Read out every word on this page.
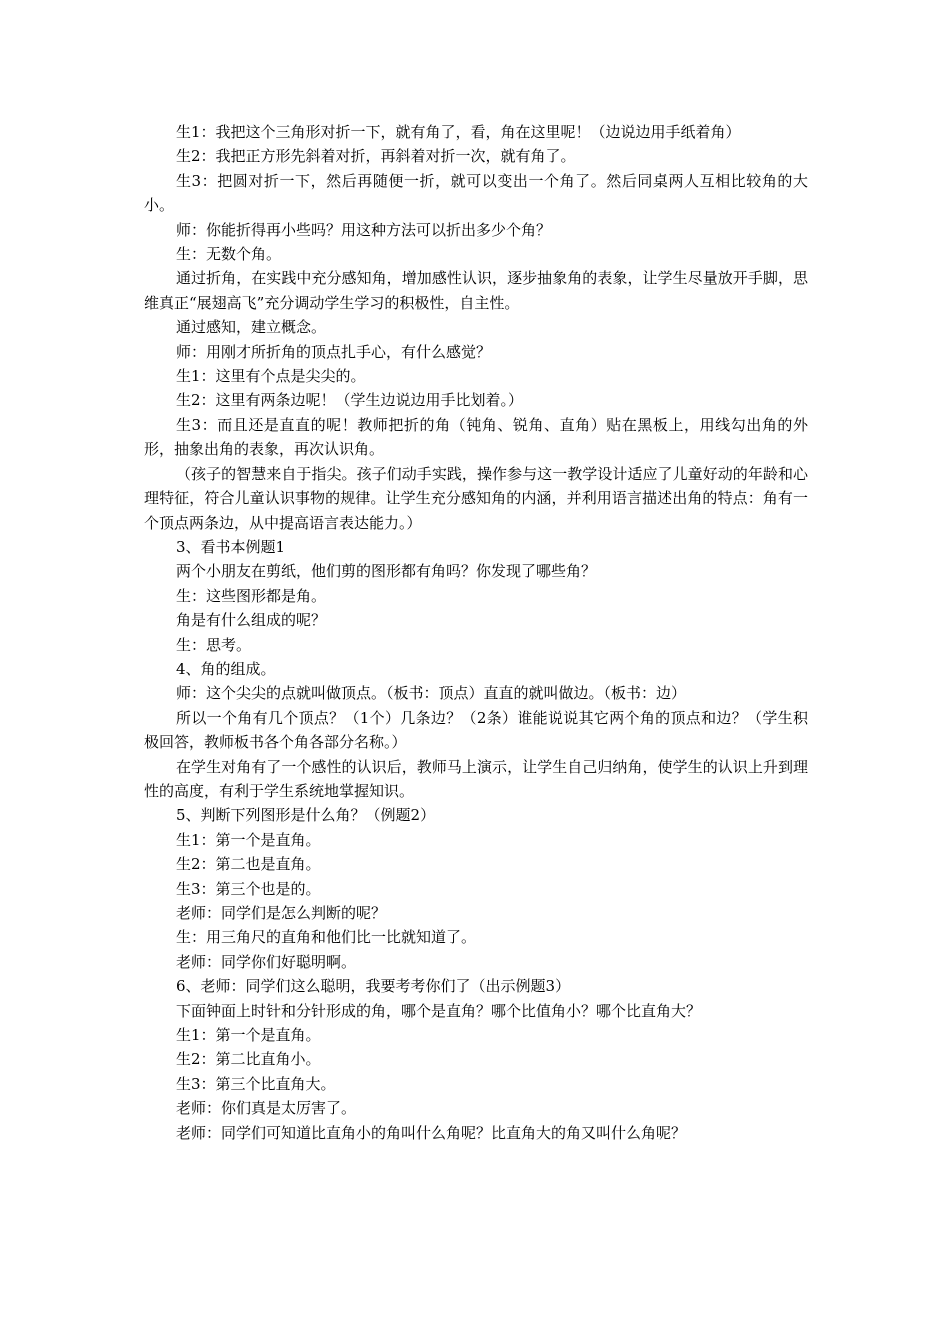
生1：我把这个三角形对折一下，就有角了，看，角在这里呢！（边说边用手纸着角）

生2：我把正方形先斜着对折，再斜着对折一次，就有角了。

生3：把圆对折一下，然后再随便一折，就可以变出一个角了。然后同桌两人互相比较角的大小。

师：你能折得再小些吗？用这种方法可以折出多少个角？

生：无数个角。

通过折角，在实践中充分感知角，增加感性认识，逐步抽象角的表象，让学生尽量放开手脚，思维真正“展翅高飞”充分调动学生学习的积极性，自主性。

通过感知，建立概念。

师：用刚才所折角的顶点扎手心，有什么感觉？

生1：这里有个点是尖尖的。

生2：这里有两条边呢！（学生边说边用手比划着。）

生3：而且还是直直的呢！教师把折的角（钝角、锐角、直角）贴在黑板上，用线勾出角的外形，抽象出角的表象，再次认识角。

（孩子的智慧来自于指尖。孩子们动手实践，操作参与这一教学设计适应了儿童好动的年龄和心理特征，符合儿童认识事物的规律。让学生充分感知角的内涵，并利用语言描述出角的特点：角有一个顶点两条边，从中提高语言表达能力。）

3、看书本例题1

两个小朋友在剪纸，他们剪的图形都有角吗？你发现了哪些角？

生：这些图形都是角。

角是有什么组成的呢？

生：思考。

4、角的组成。

师：这个尖尖的点就叫做顶点。（板书：顶点）直直的就叫做边。（板书：边）

所以一个角有几个顶点？（1个）几条边？（2条）谁能说说其它两个角的顶点和边？（学生积极回答，教师板书各个角各部分名称。）

在学生对角有了一个感性的认识后，教师马上演示，让学生自己归纳角，使学生的认识上升到理性的高度，有利于学生系统地掌握知识。

5、判断下列图形是什么角？（例题2）

生1：第一个是直角。

生2：第二也是直角。

生3：第三个也是的。

老师：同学们是怎么判断的呢？

生：用三角尺的直角和他们比一比就知道了。

老师：同学你们好聪明啊。

6、老师：同学们这么聪明，我要考考你们了（出示例题3）

下面钟面上时针和分针形成的角，哪个是直角？哪个比值角小？哪个比直角大？

生1：第一个是直角。

生2：第二比直角小。

生3：第三个比直角大。

老师：你们真是太厉害了。

老师：同学们可知道比直角小的角叫什么角呢？比直角大的角又叫什么角呢？
